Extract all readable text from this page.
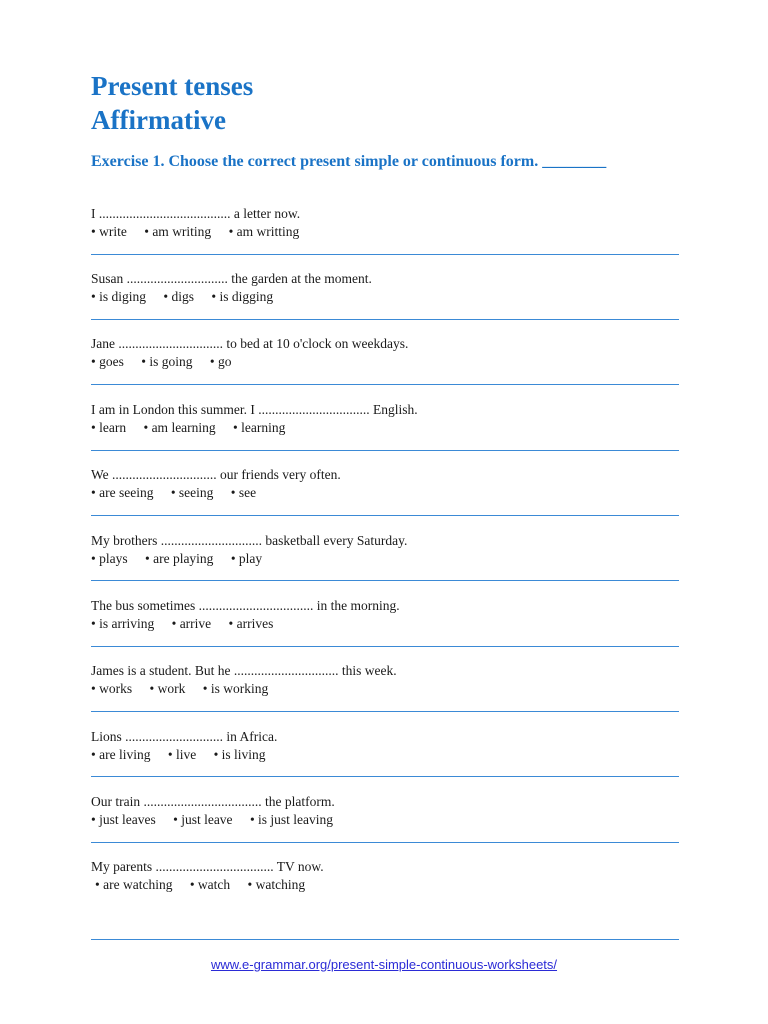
Present tenses
Affirmative
Exercise 1. Choose the correct present simple or continuous form. ________
I ....................................... a letter now.
• write • am writing • am writting
Susan .............................. the garden at the moment.
• is diging • digs • is digging
Jane ............................... to bed at 10 o'clock on weekdays.
• goes • is going • go
I am in London this summer. I ................................. English.
• learn • am learning • learning
We ............................... our friends very often.
• are seeing • seeing • see
My brothers .............................. basketball every Saturday.
• plays • are playing • play
The bus sometimes .................................. in the morning.
• is arriving • arrive • arrives
James is a student. But he ............................... this week.
• works • work • is working
Lions ............................. in Africa.
• are living • live • is living
Our train ................................... the platform.
• just leaves • just leave • is just leaving
My parents ................................... TV now.
• are watching • watch • watching
www.e-grammar.org/present-simple-continuous-worksheets/
